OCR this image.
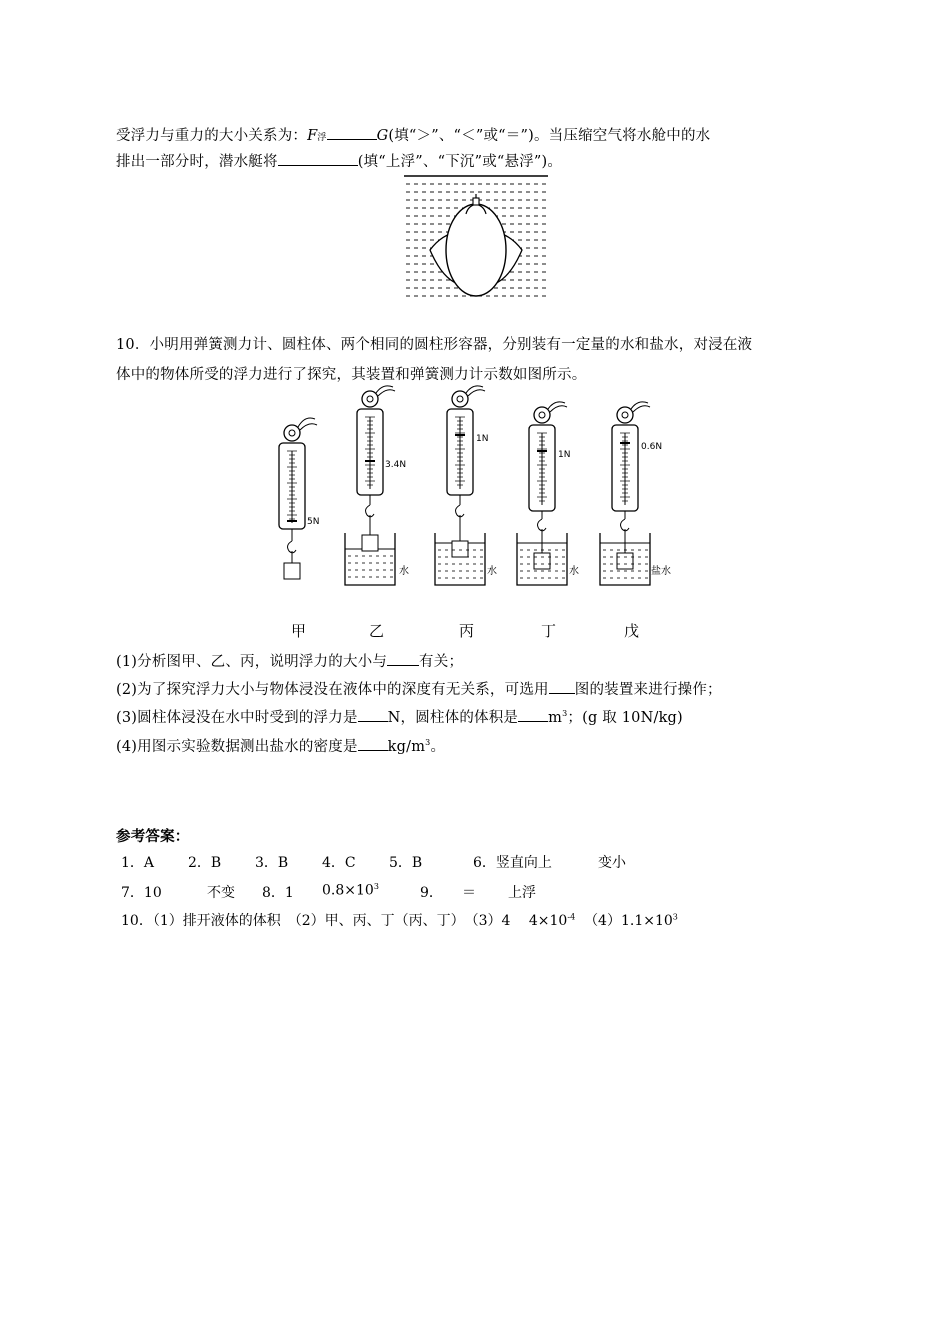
受浮力与重力的大小关系为：F浮	G(填“＞”、“＜”或“＝”)。当压缩空气将水舱中的水
排出一部分时，潜水艇将	(填“上浮”、“下沉”或“悬浮”)。
10．小明用弹簧测力计、圆柱体、两个相同的圆柱形容器，分别装有一定量的水和盐水，对浸在液
体中的物体所受的浮力进行了探究，其装置和弹簧测力计示数如图所示。
5N
3.4N
水
1N
水
1N
水
0.6N
盐水
甲	乙	丙	丁	戊
(1)分析图甲、乙、丙，说明浮力的大小与 有关；
(2)为了探究浮力大小与物体浸没在液体中的深度有无关系，可选用 图的装置来进行操作；
(3)圆柱体浸没在水中时受到的浮力是 N，圆柱体的体积是 $m^3$；(g 取 10N/kg)
(4)用图示实验数据测出盐水的密度是 $kg/m^3$。
参考答案：
1．A 2．B 3．B 4．C 5．B	6．竖直向上	变小
7．10	不变 8．1 $0.8\times 10^3$	9． ＝ 上浮
10．（1）排开液体的体积　（2）甲、丙、丁（丙、丁）　（3）4　 $4\times 10^{-4}$ $(4)1.1\times 10^3$
